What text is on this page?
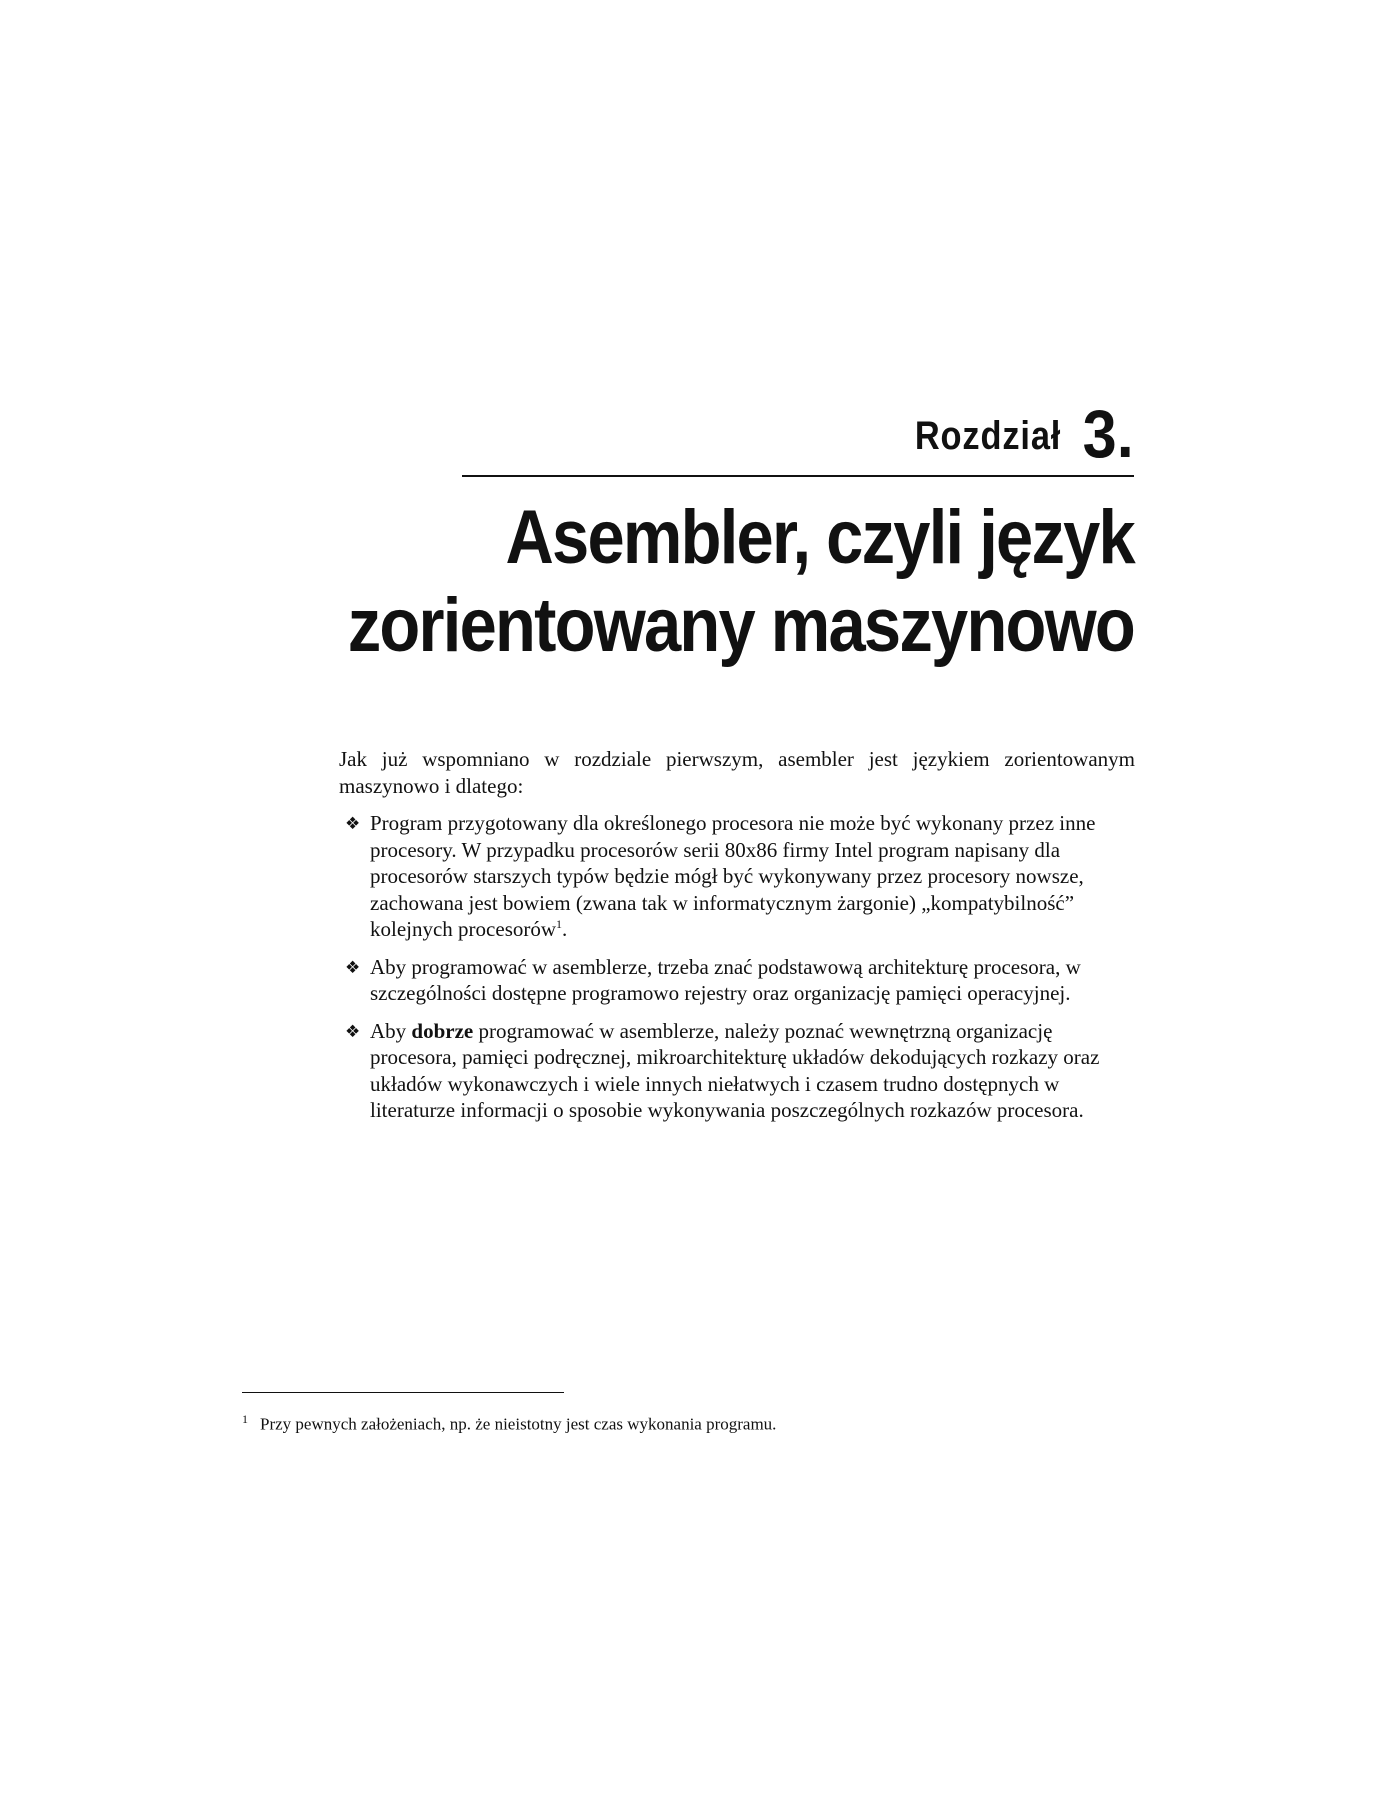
Rozdział 3.
Asembler, czyli język
zorientowany maszynowo

Jak już wspomniano w rozdziale pierwszym, asembler jest językiem zorientowanym maszynowo i dlatego:

❖ Program przygotowany dla określonego procesora nie może być wykonany przez inne procesory. W przypadku procesorów serii 80x86 firmy Intel program napisany dla procesorów starszych typów będzie mógł być wykonywany przez procesory nowsze, zachowana jest bowiem (zwana tak w informatycznym żargonie) „kompatybilność” kolejnych procesorów$^1$.
❖ Aby programować w asemblerze, trzeba znać podstawową architekturę procesora, w szczególności dostępne programowo rejestry oraz organizację pamięci operacyjnej.
❖ Aby dobrze programować w asemblerze, należy poznać wewnętrzną organizację procesora, pamięci podręcznej, mikroarchitekturę układów dekodujących rozkazy oraz układów wykonawczych i wiele innych niełatwych i czasem trudno dostępnych w literaturze informacji o sposobie wykonywania poszczególnych rozkazów procesora.
$^1$ Przy pewnych założeniach, np. że nieistotny jest czas wykonania programu.
